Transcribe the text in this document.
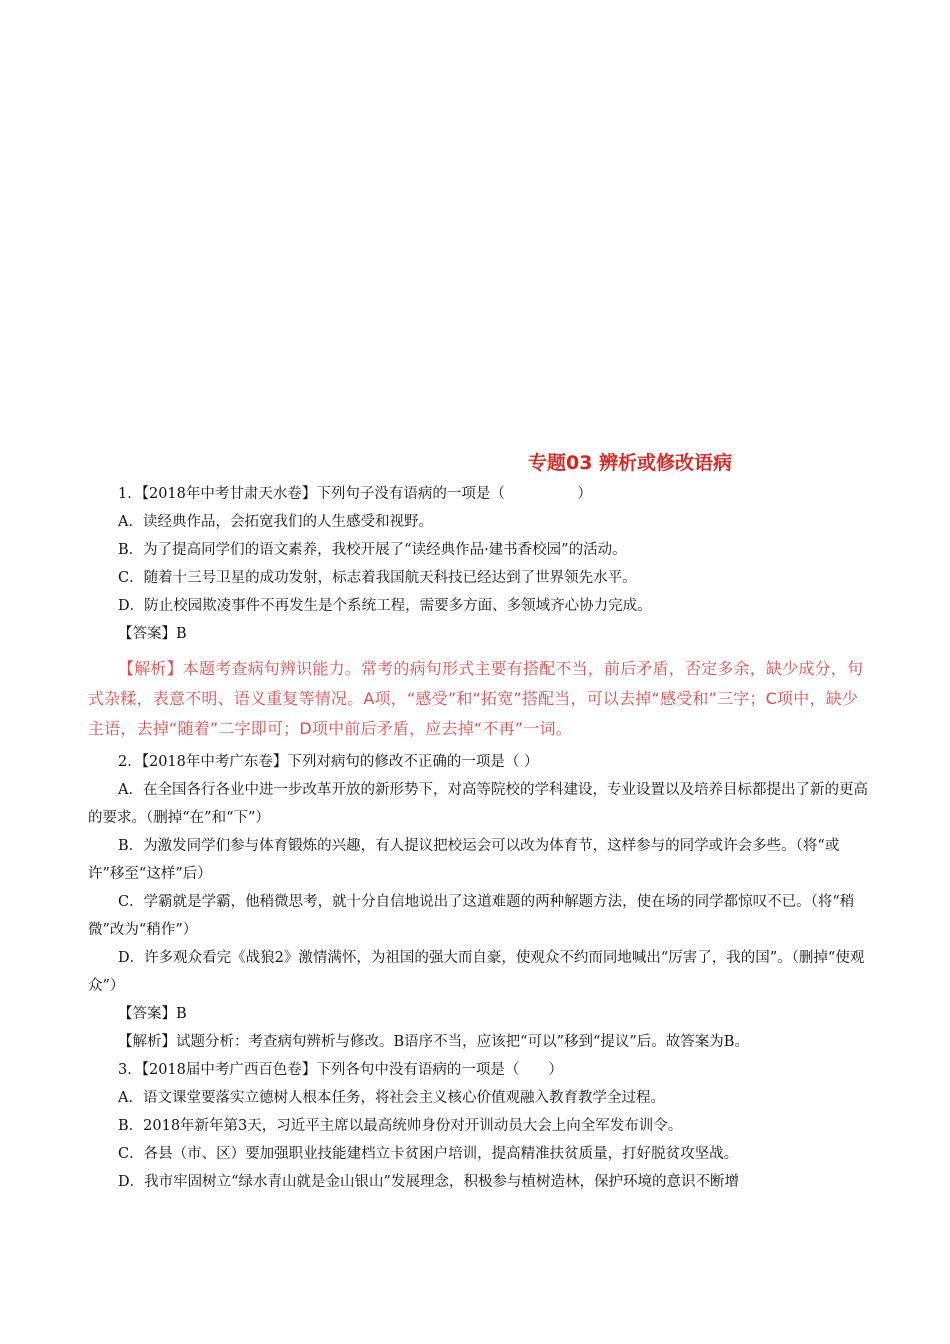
专题03 辨析或修改语病

1．【2018年中考甘肃天水卷】下列句子没有语病的一项是（　　　　　）

A．读经典作品，会拓宽我们的人生感受和视野。

B．为了提高同学们的语文素养，我校开展了“读经典作品·建书香校园”的活动。

C．随着十三号卫星的成功发射，标志着我国航天科技已经达到了世界领先水平。

D．防止校园欺凌事件不再发生是个系统工程，需要多方面、多领域齐心协力完成。

【答案】B

【解析】本题考查病句辨识能力。常考的病句形式主要有搭配不当，前后矛盾，否定多余，缺少成分，句式杂糅，表意不明、语义重复等情况。A项，“感受”和“拓宽”搭配当，可以去掉“感受和”三字；C项中，缺少主语，去掉“随着”二字即可；D项中前后矛盾，应去掉“不再”一词。

2．【2018年中考广东卷】下列对病句的修改不正确的一项是（ ）

A．在全国各行各业中进一步改革开放的新形势下，对高等院校的学科建设，专业设置以及培养目标都提出了新的更高的要求。（删掉“在”和“下”）

B．为激发同学们参与体育锻炼的兴趣，有人提议把校运会可以改为体育节，这样参与的同学或许会多些。（将“或许”移至“这样”后）

C．学霸就是学霸，他稍微思考，就十分自信地说出了这道难题的两种解题方法，使在场的同学都惊叹不已。（将“稍微”改为“稍作”）

D．许多观众看完《战狼2》激情满怀，为祖国的强大而自豪，使观众不约而同地喊出“厉害了，我的国”。（删掉“使观众”）

【答案】B

【解析】试题分析：考查病句辨析与修改。B语序不当，应该把“可以”移到“提议”后。故答案为B。

3．【2018届中考广西百色卷】下列各句中没有语病的一项是（　　）

A．语文课堂要落实立德树人根本任务，将社会主义核心价值观融入教育教学全过程。

B．2018年新年第3天，习近平主席以最高统帅身份对开训动员大会上向全军发布训令。

C．各县（市、区）要加强职业技能建档立卡贫困户培训，提高精准扶贫质量，打好脱贫攻坚战。

D．我市牢固树立“绿水青山就是金山银山”发展理念，积极参与植树造林，保护环境的意识不断增
